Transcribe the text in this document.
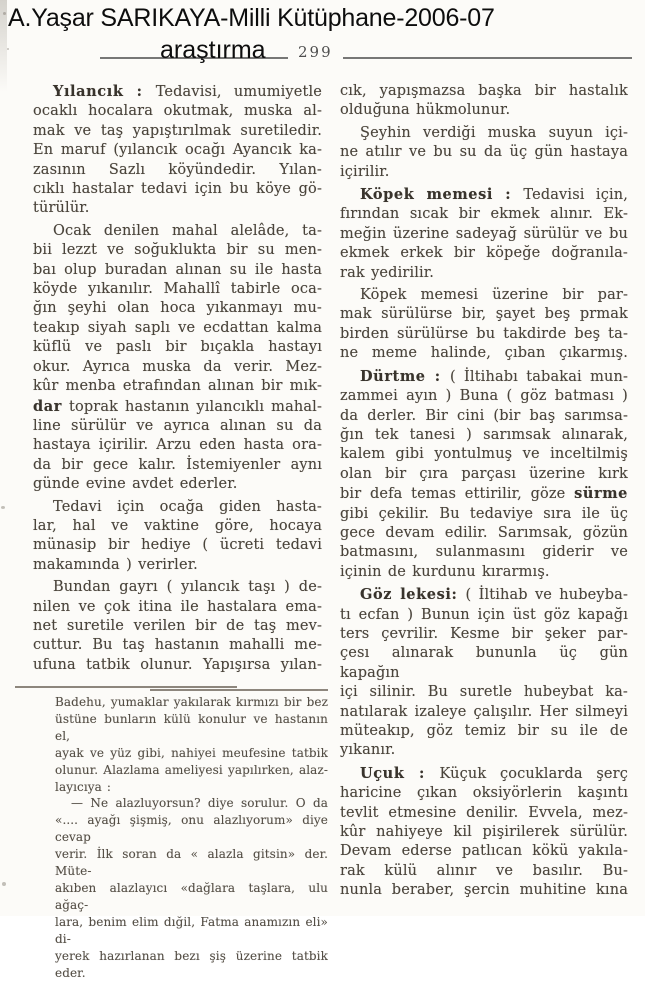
A.Yaşar SARIKAYA-Milli Kütüphane-2006-07
299
araştırma
Yılancık : Tedavisi, umumiyetle
ocaklı hocalara okutmak, muska al-
mak ve taş yapıştırılmak suretiledir.
En maruf (yılancık ocağı Ayancık ka-
zasının Sazlı köyündedir. Yılan-
cıklı hastalar tedavi için bu köye gö-
türülür.
Ocak denilen mahal alelâde, ta-
bii lezzt ve soğuklukta bir su men-
baı olup buradan alınan su ile hasta
köyde yıkanılır. Mahallî tabirle oca-
ğın şeyhi olan hoca yıkanmayı mu-
teakıp siyah saplı ve ecdattan kalma
küflü ve paslı bir bıçakla hastayı
okur. Ayrıca muska da verir. Mez-
kûr menba etrafından alınan bir mık-
dar toprak hastanın yılancıklı mahal-
line sürülür ve ayrıca alınan su da
hastaya içirilir. Arzu eden hasta ora-
da bir gece kalır. İstemiyenler aynı
günde evine avdet ederler.
Tedavi için ocağa giden hasta-
lar, hal ve vaktine göre, hocaya
münasip bir hediye ( ücreti tedavi
makamında ) verirler.
Bundan gayrı ( yılancık taşı ) de-
nilen ve çok itina ile hastalara ema-
net suretile verilen bir de taş mev-
cuttur. Bu taş hastanın mahalli me-
ufuna tatbik olunur. Yapışırsa yılan-
Badehu, yumaklar yakılarak kırmızı bir bez
üstüne bunların külü konulur ve hastanın el,
ayak ve yüz gibi, nahiyei meufesine tatbik
olunur. Alazlama ameliyesi yapılırken, alaz-
layıcıya :
— Ne alazluyorsun? diye sorulur. O da
«.... ayağı şişmiş, onu alazlıyorum» diye cevap
verir. İlk soran da « alazla gitsin» der. Müte-
akıben alazlayıcı «dağlara taşlara, ulu ağaç-
lara, benim elim dığil, Fatma anamızın eli» di-
yerek hazırlanan bezı şiş üzerine tatbik eder.
cık, yapışmazsa başka bir hastalık
olduğuna hükmolunur.
Şeyhin verdiği muska suyun içi-
ne atılır ve bu su da üç gün hastaya
içirilir.
Köpek memesi : Tedavisi için,
fırından sıcak bir ekmek alınır. Ek-
meğin üzerine sadeyağ sürülür ve bu
ekmek erkek bir köpeğe doğranıla-
rak yedirilir.
Köpek memesi üzerine bir par-
mak sürülürse bir, şayet beş prmak
birden sürülürse bu takdirde beş ta-
ne meme halinde, çıban çıkarmış.
Dürtme : ( İltihabı tabakai mun-
zammei ayın ) Buna ( göz batması )
da derler. Bir cini (bir baş sarımsa-
ğın tek tanesi ) sarımsak alınarak,
kalem gibi yontulmuş ve inceltilmiş
olan bir çıra parçası üzerine kırk
bir defa temas ettirilir, göze sürme
gibi çekilir. Bu tedaviye sıra ile üç
gece devam edilir. Sarımsak, gözün
batmasını, sulanmasını giderir ve
içinin de kurdunu kırarmış.
Göz lekesi: ( İltihab ve hubeyba-
tı ecfan ) Bunun için üst göz kapağı
ters çevrilir. Kesme bir şeker par-
çesı alınarak bununla üç gün kapağın
içi silinir. Bu suretle hubeybat ka-
natılarak izaleye çalışılır. Her silmeyi
müteakıp, göz temiz bir su ile de
yıkanır.
Uçuk : Küçuk çocuklarda şerç
haricine çıkan oksiyörlerin kaşıntı
tevlit etmesine denilir. Evvela, mez-
kûr nahiyeye kil pişirilerek sürülür.
Devam ederse patlıcan kökü yakıla-
rak külü alınır ve basılır. Bu-
nunla beraber, şercin muhitine kına
